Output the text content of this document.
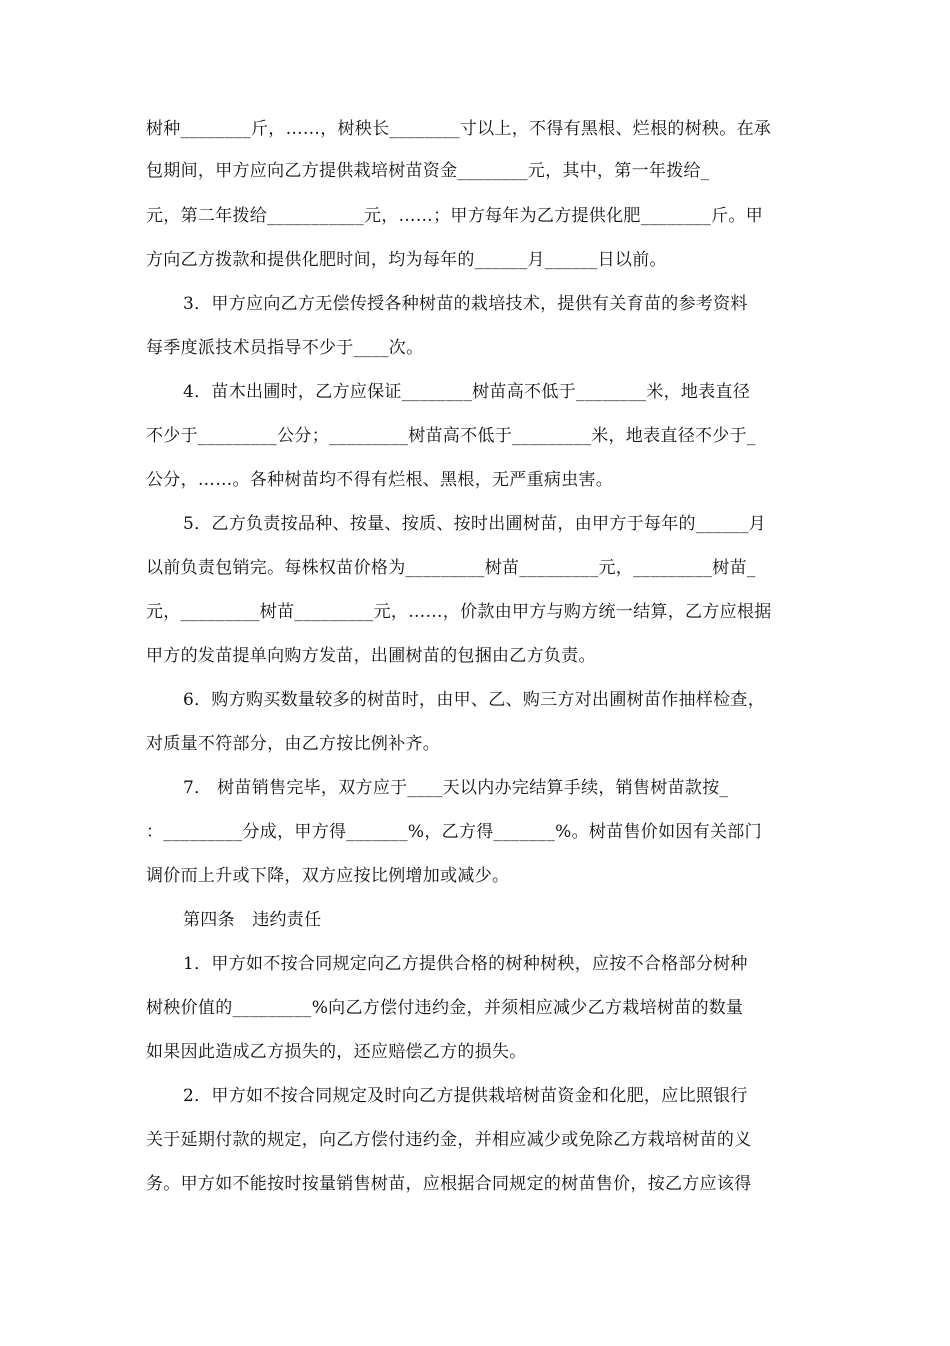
树种________斤，……，树秧长________寸以上，不得有黑根、烂根的树秧。在承
包期间，甲方应向乙方提供栽培树苗资金________元，其中，第一年拨给_
元，第二年拨给___________元，……；甲方每年为乙方提供化肥________斤。甲
方向乙方拨款和提供化肥时间，均为每年的______月______日以前。
3．甲方应向乙方无偿传授各种树苗的栽培技术，提供有关育苗的参考资料
每季度派技术员指导不少于____次。
4．苗木出圃时，乙方应保证________树苗高不低于________米，地表直径
不少于_________公分；_________树苗高不低于_________米，地表直径不少于_
公分，……。各种树苗均不得有烂根、黑根，无严重病虫害。
5．乙方负责按品种、按量、按质、按时出圃树苗，由甲方于每年的______月
以前负责包销完。每株权苗价格为_________树苗_________元，_________树苗_
元，_________树苗_________元，……，价款由甲方与购方统一结算，乙方应根据
甲方的发苗提单向购方发苗，出圃树苗的包捆由乙方负责。
6．购方购买数量较多的树苗时，由甲、乙、购三方对出圃树苗作抽样检查，
对质量不符部分，由乙方按比例补齐。
7． 树苗销售完毕，双方应于____天以内办完结算手续，销售树苗款按_
：_________分成，甲方得_______%，乙方得_______%。树苗售价如因有关部门
调价而上升或下降，双方应按比例增加或减少。
第四条　违约责任
1．甲方如不按合同规定向乙方提供合格的树种树秧，应按不合格部分树种
树秧价值的_________%向乙方偿付违约金，并须相应减少乙方栽培树苗的数量
如果因此造成乙方损失的，还应赔偿乙方的损失。
2．甲方如不按合同规定及时向乙方提供栽培树苗资金和化肥，应比照银行
关于延期付款的规定，向乙方偿付违约金，并相应减少或免除乙方栽培树苗的义
务。甲方如不能按时按量销售树苗，应根据合同规定的树苗售价，按乙方应该得
